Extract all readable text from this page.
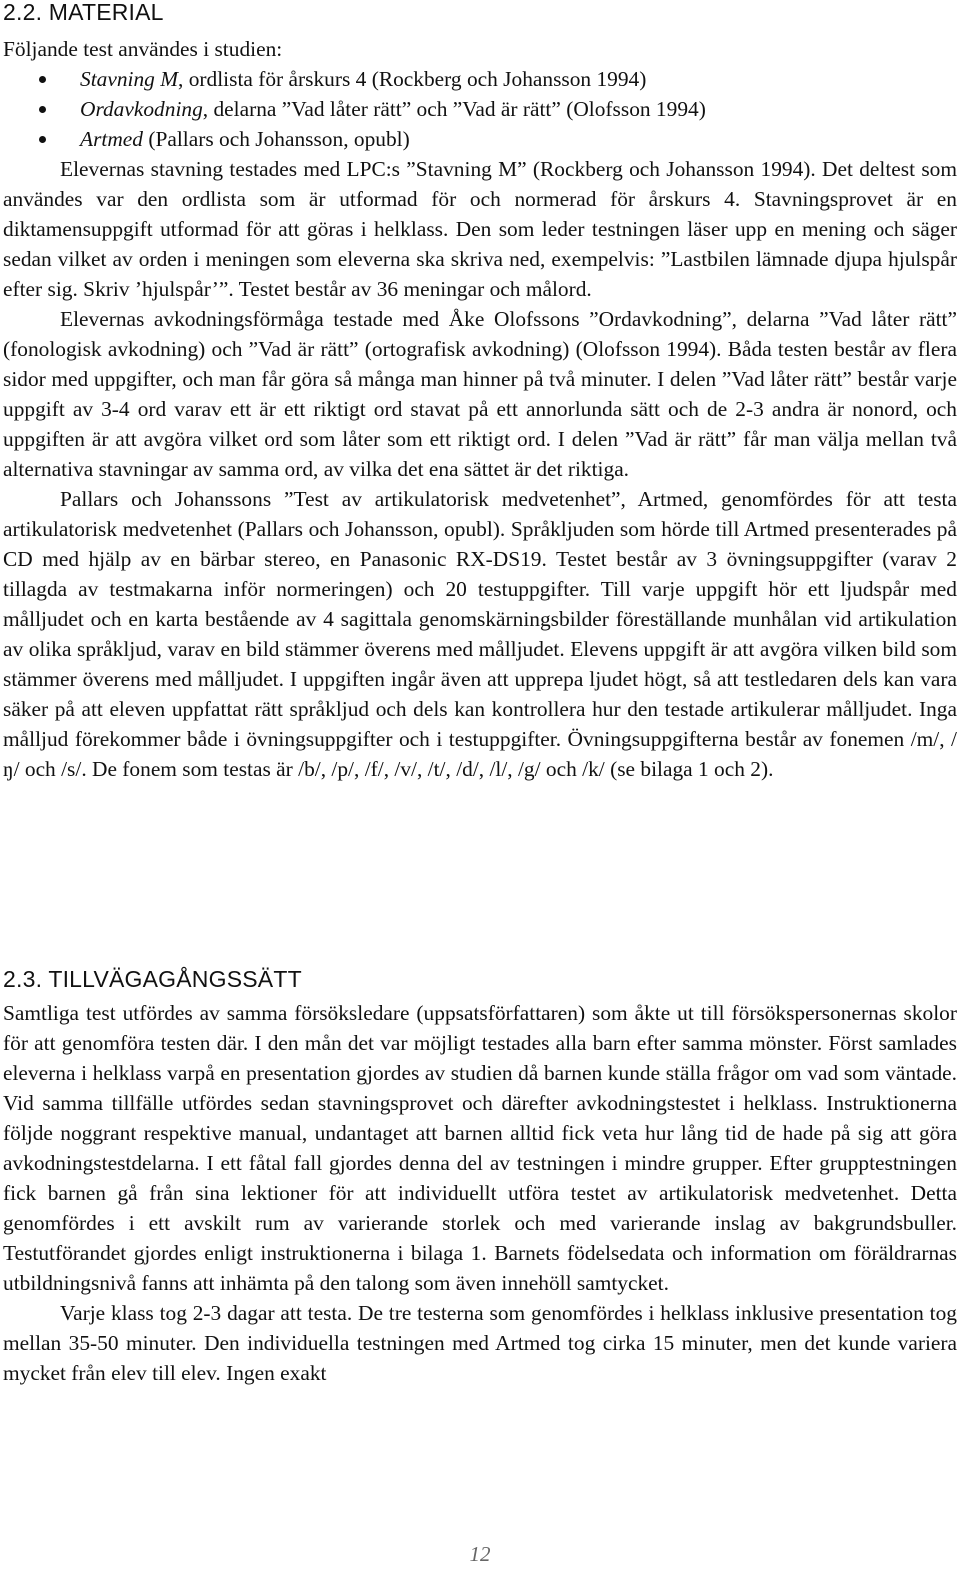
2.2. MATERIAL
Följande test användes i studien:
Stavning M, ordlista för årskurs 4 (Rockberg och Johansson 1994)
Ordavkodning, delarna ”Vad låter rätt” och ”Vad är rätt” (Olofsson 1994)
Artmed (Pallars och Johansson, opubl)

Elevernas stavning testades med LPC:s ”Stavning M” (Rockberg och Johansson 1994). Det deltest som användes var den ordlista som är utformad för och normerad för årskurs 4. Stavningsprovet är en diktamensuppgift utformad för att göras i helklass. Den som leder testningen läser upp en mening och säger sedan vilket av orden i meningen som eleverna ska skriva ned, exempelvis: ”Lastbilen lämnade djupa hjulspår efter sig. Skriv ’hjulspår’”. Testet består av 36 meningar och målord.

Elevernas avkodningsförmåga testade med Åke Olofssons ”Ordavkodning”, delarna ”Vad låter rätt” (fonologisk avkodning) och ”Vad är rätt” (ortografisk avkodning) (Olofsson 1994). Båda testen består av flera sidor med uppgifter, och man får göra så många man hinner på två minuter. I delen ”Vad låter rätt” består varje uppgift av 3-4 ord varav ett är ett riktigt ord stavat på ett annorlunda sätt och de 2-3 andra är nonord, och uppgiften är att avgöra vilket ord som låter som ett riktigt ord. I delen ”Vad är rätt” får man välja mellan två alternativa stavningar av samma ord, av vilka det ena sättet är det riktiga.

Pallars och Johanssons ”Test av artikulatorisk medvetenhet”, Artmed, genomfördes för att testa artikulatorisk medvetenhet (Pallars och Johansson, opubl). Språkljuden som hörde till Artmed presenterades på CD med hjälp av en bärbar stereo, en Panasonic RX-DS19. Testet består av 3 övningsuppgifter (varav 2 tillagda av testmakarna inför normeringen) och 20 testuppgifter. Till varje uppgift hör ett ljudspår med målljudet och en karta bestående av 4 sagittala genomskärningsbilder föreställande munhålan vid artikulation av olika språkljud, varav en bild stämmer överens med målljudet. Elevens uppgift är att avgöra vilken bild som stämmer överens med målljudet. I uppgiften ingår även att upprepa ljudet högt, så att testledaren dels kan vara säker på att eleven uppfattat rätt språkljud och dels kan kontrollera hur den testade artikulerar målljudet. Inga målljud förekommer både i övningsuppgifter och i testuppgifter. Övningsuppgifterna består av fonemen /m/, /ŋ/ och /s/. De fonem som testas är /b/, /p/, /f/, /v/, /t/, /d/, /l/, /g/ och /k/ (se bilaga 1 och 2).

2.3. TILLVÄGAGÅNGSSÄTT

Samtliga test utfördes av samma försöksledare (uppsatsförfattaren) som åkte ut till försökspersonernas skolor för att genomföra testen där. I den mån det var möjligt testades alla barn efter samma mönster. Först samlades eleverna i helklass varpå en presentation gjordes av studien då barnen kunde ställa frågor om vad som väntade. Vid samma tillfälle utfördes sedan stavningsprovet och därefter avkodningstestet i helklass. Instruktionerna följde noggrant respektive manual, undantaget att barnen alltid fick veta hur lång tid de hade på sig att göra avkodningstestdelarna. I ett fåtal fall gjordes denna del av testningen i mindre grupper. Efter grupptestningen fick barnen gå från sina lektioner för att individuellt utföra testet av artikulatorisk medvetenhet. Detta genomfördes i ett avskilt rum av varierande storlek och med varierande inslag av bakgrundsbuller. Testutförandet gjordes enligt instruktionerna i bilaga 1. Barnets födelsedata och information om föräldrarnas utbildningsnivå fanns att inhämta på den talong som även innehöll samtycket.

Varje klass tog 2-3 dagar att testa. De tre testerna som genomfördes i helklass inklusive presentation tog mellan 35-50 minuter. Den individuella testningen med Artmed tog cirka 15 minuter, men det kunde variera mycket från elev till elev. Ingen exakt

12
